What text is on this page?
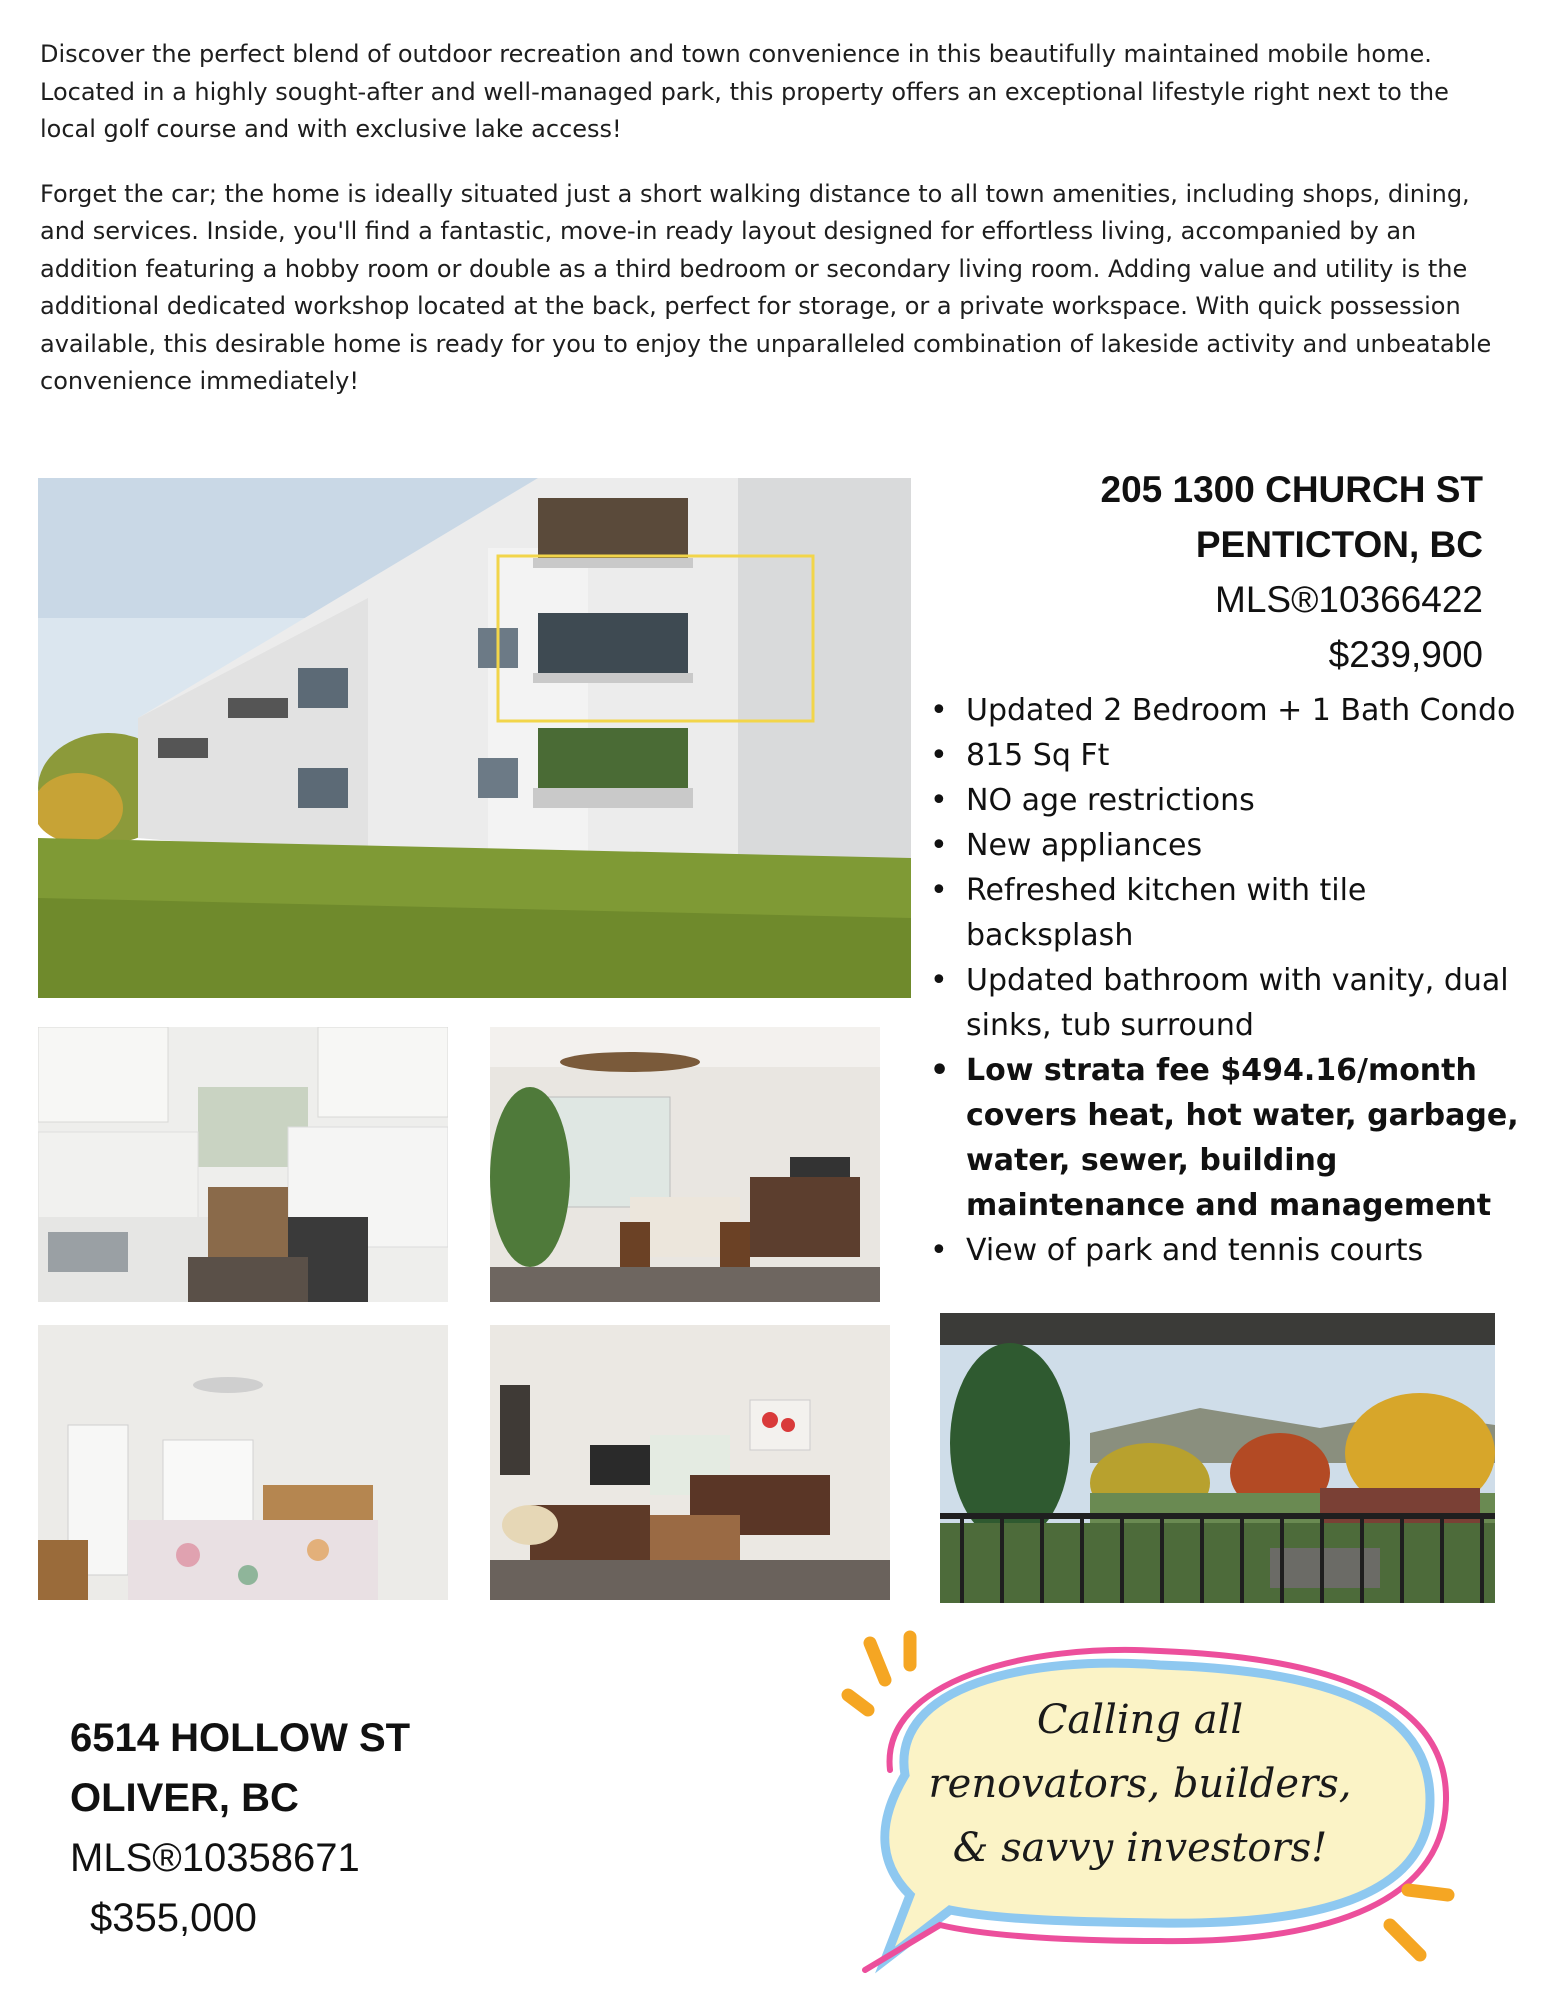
Discover the perfect blend of outdoor recreation and town convenience in this beautifully maintained mobile home. Located in a highly sought-after and well-managed park, this property offers an exceptional lifestyle right next to the local golf course and with exclusive lake access!

Forget the car; the home is ideally situated just a short walking distance to all town amenities, including shops, dining, and services. Inside, you'll find a fantastic, move-in ready layout designed for effortless living, accompanied by an addition featuring a hobby room or double as a third bedroom or secondary living room. Adding value and utility is the additional dedicated workshop located at the back, perfect for storage, or a private workspace. With quick possession available, this desirable home is ready for you to enjoy the unparalleled combination of lakeside activity and unbeatable convenience immediately!

205 1300 CHURCH ST
PENTICTON, BC
MLS®10366422
$239,900
• Updated 2 Bedroom + 1 Bath Condo
• 815 Sq Ft
• NO age restrictions
• New appliances
• Refreshed kitchen with tile backsplash
• Updated bathroom with vanity, dual sinks, tub surround
• Low strata fee $494.16/month covers heat, hot water, garbage, water, sewer, building maintenance and management
• View of park and tennis courts
6514 HOLLOW ST
OLIVER, BC
MLS®10358671
$355,000
Calling all
renovators, builders,
& savvy investors!
